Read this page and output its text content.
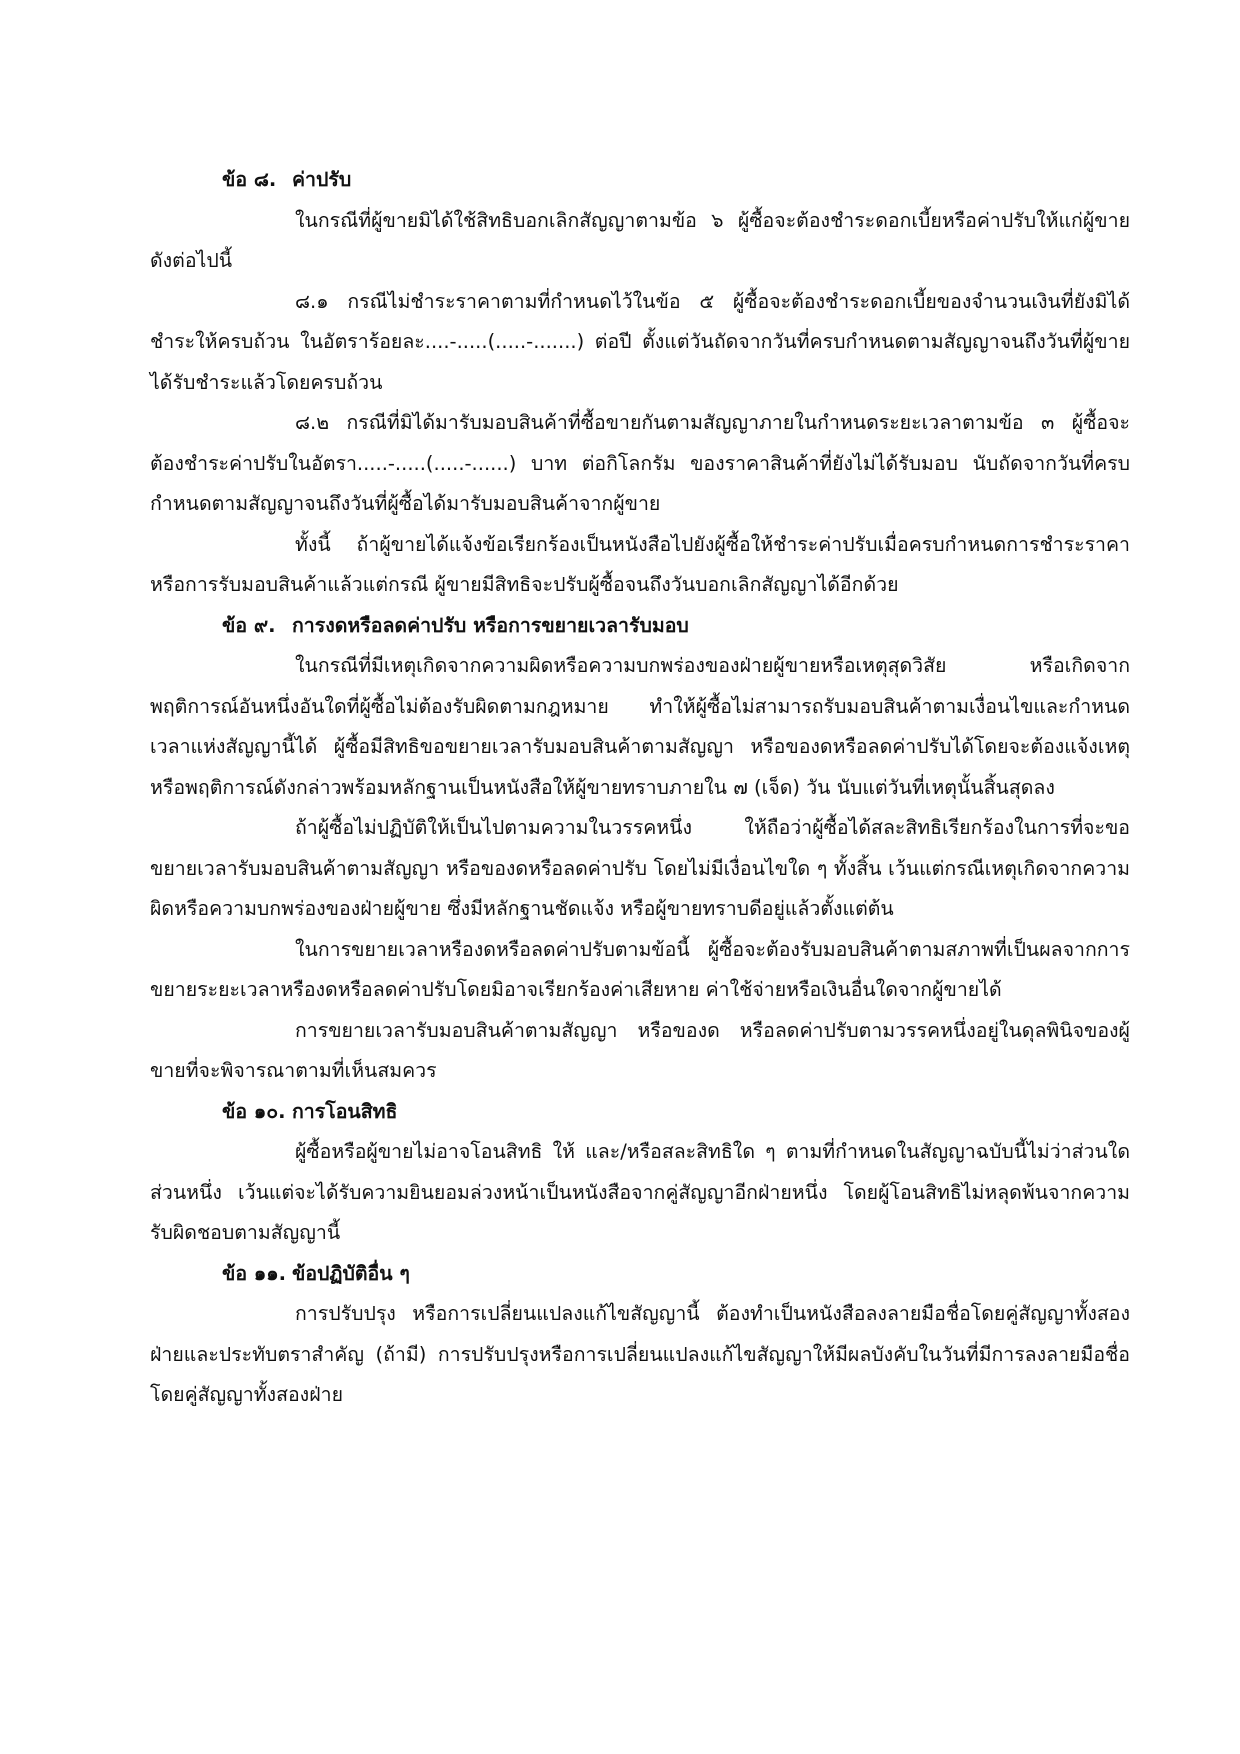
ข้อ ๘. ค่าปรับ

ในกรณีที่ผู้ขายมิได้ใช้สิทธิบอกเลิกสัญญาตามข้อ ๖ ผู้ซื้อจะต้องชำระดอกเบี้ยหรือค่าปรับให้แก่ผู้ขายดังต่อไปนี้

๘.๑ กรณีไม่ชำระราคาตามที่กำหนดไว้ในข้อ ๕ ผู้ซื้อจะต้องชำระดอกเบี้ยของจำนวนเงินที่ยังมิได้ชำระให้ครบถ้วน ในอัตราร้อยละ....-.....(.....-.......) ต่อปี ตั้งแต่วันถัดจากวันที่ครบกำหนดตามสัญญาจนถึงวันที่ผู้ขายได้รับชำระแล้วโดยครบถ้วน

๘.๒ กรณีที่มิได้มารับมอบสินค้าที่ซื้อขายกันตามสัญญาภายในกำหนดระยะเวลาตามข้อ ๓ ผู้ซื้อจะต้องชำระค่าปรับในอัตรา.....-.....(.....-......) บาท ต่อกิโลกรัม ของราคาสินค้าที่ยังไม่ได้รับมอบ นับถัดจากวันที่ครบกำหนดตามสัญญาจนถึงวันที่ผู้ซื้อได้มารับมอบสินค้าจากผู้ขาย

ทั้งนี้ ถ้าผู้ขายได้แจ้งข้อเรียกร้องเป็นหนังสือไปยังผู้ซื้อให้ชำระค่าปรับเมื่อครบกำหนดการชำระราคาหรือการรับมอบสินค้าแล้วแต่กรณี ผู้ขายมีสิทธิจะปรับผู้ซื้อจนถึงวันบอกเลิกสัญญาได้อีกด้วย

ข้อ ๙. การงดหรือลดค่าปรับ หรือการขยายเวลารับมอบ

ในกรณีที่มีเหตุเกิดจากความผิดหรือความบกพร่องของฝ่ายผู้ขายหรือเหตุสุดวิสัย หรือเกิดจากพฤติการณ์อันหนึ่งอันใดที่ผู้ซื้อไม่ต้องรับผิดตามกฎหมาย ทำให้ผู้ซื้อไม่สามารถรับมอบสินค้าตามเงื่อนไขและกำหนดเวลาแห่งสัญญานี้ได้ ผู้ซื้อมีสิทธิขอขยายเวลารับมอบสินค้าตามสัญญา หรือของดหรือลดค่าปรับได้โดยจะต้องแจ้งเหตุหรือพฤติการณ์ดังกล่าวพร้อมหลักฐานเป็นหนังสือให้ผู้ขายทราบภายใน ๗ (เจ็ด) วัน นับแต่วันที่เหตุนั้นสิ้นสุดลง

ถ้าผู้ซื้อไม่ปฏิบัติให้เป็นไปตามความในวรรคหนึ่ง ให้ถือว่าผู้ซื้อได้สละสิทธิเรียกร้องในการที่จะขอขยายเวลารับมอบสินค้าตามสัญญา หรือของดหรือลดค่าปรับ โดยไม่มีเงื่อนไขใด ๆ ทั้งสิ้น เว้นแต่กรณีเหตุเกิดจากความผิดหรือความบกพร่องของฝ่ายผู้ขาย ซึ่งมีหลักฐานชัดแจ้ง หรือผู้ขายทราบดีอยู่แล้วตั้งแต่ต้น

ในการขยายเวลาหรืองดหรือลดค่าปรับตามข้อนี้ ผู้ซื้อจะต้องรับมอบสินค้าตามสภาพที่เป็นผลจากการขยายระยะเวลาหรืองดหรือลดค่าปรับโดยมิอาจเรียกร้องค่าเสียหาย ค่าใช้จ่ายหรือเงินอื่นใดจากผู้ขายได้

การขยายเวลารับมอบสินค้าตามสัญญา หรือของด หรือลดค่าปรับตามวรรคหนึ่งอยู่ในดุลพินิจของผู้ขายที่จะพิจารณาตามที่เห็นสมควร

ข้อ ๑๐. การโอนสิทธิ

ผู้ซื้อหรือผู้ขายไม่อาจโอนสิทธิ ให้ และ/หรือสละสิทธิใด ๆ ตามที่กำหนดในสัญญาฉบับนี้ไม่ว่าส่วนใดส่วนหนึ่ง เว้นแต่จะได้รับความยินยอมล่วงหน้าเป็นหนังสือจากคู่สัญญาอีกฝ่ายหนึ่ง โดยผู้โอนสิทธิไม่หลุดพ้นจากความรับผิดชอบตามสัญญานี้

ข้อ ๑๑. ข้อปฏิบัติอื่น ๆ

การปรับปรุง หรือการเปลี่ยนแปลงแก้ไขสัญญานี้ ต้องทำเป็นหนังสือลงลายมือชื่อโดยคู่สัญญาทั้งสองฝ่ายและประทับตราสำคัญ (ถ้ามี) การปรับปรุงหรือการเปลี่ยนแปลงแก้ไขสัญญาให้มีผลบังคับในวันที่มีการลงลายมือชื่อโดยคู่สัญญาทั้งสองฝ่าย
